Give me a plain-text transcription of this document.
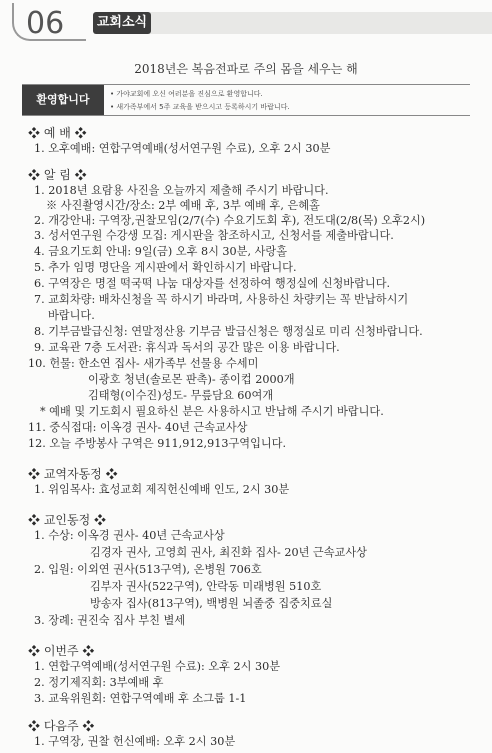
06	교회소식
2018년은 복음전파로 주의 몸을 세우는 해
환영합니다	• 가야교회에 오신 여러분을 진심으로 환영합니다.
• 새가족부에서 5주 교육을 받으시고 등록하시기 바랍니다.
❖ 예 배 ❖
1. 오후예배: 연합구역예배(성서연구원 수료), 오후 2시 30분
❖ 알 림 ❖
1. 2018년 요람용 사진을 오늘까지 제출해 주시기 바랍니다.
※ 사진촬영시간/장소: 2부 예배 후, 3부 예배 후, 은혜홀
2. 개강안내: 구역장,권찰모임(2/7(수) 수요기도회 후), 전도대(2/8(목) 오후2시)
3. 성서연구원 수강생 모집: 게시판을 참조하시고, 신청서를 제출바랍니다.
4. 금요기도회 안내: 9일(금) 오후 8시 30분, 사랑홀
5. 추가 임명 명단을 게시판에서 확인하시기 바랍니다.
6. 구역장은 명절 떡국떡 나눔 대상자를 선정하여 행정실에 신청바랍니다.
7. 교회차량: 배차신청을 꼭 하시기 바라며, 사용하신 차량키는 꼭 반납하시기
바랍니다.
8. 기부금발급신청: 연말정산용 기부금 발급신청은 행정실로 미리 신청바랍니다.
9. 교육관 7층 도서관: 휴식과 독서의 공간 많은 이용 바랍니다.
10. 헌물: 한소연 집사- 새가족부 선물용 수세미
이광호 청년(솔로몬 판촉)- 종이컵 2000개
김태형(이수진)성도- 무릎담요 60여개
* 예배 및 기도회시 필요하신 분은 사용하시고 반납해 주시기 바랍니다.
11. 중식접대: 이옥경 권사- 40년 근속교사상
12. 오늘 주방봉사 구역은 911,912,913구역입니다.
❖ 교역자동정 ❖
1. 위임목사: 효성교회 제직헌신예배 인도, 2시 30분
❖ 교인동정 ❖
1. 수상: 이옥경 권사- 40년 근속교사상
김경자 권사, 고영희 권사, 최진화 집사- 20년 근속교사상
2. 입원: 이외연 권사(513구역), 온병원 706호
김부자 권사(522구역), 안락동 미래병원 510호
방송자 집사(813구역), 백병원 뇌졸중 집중치료실
3. 장례: 권진숙 집사 부친 별세
❖ 이번주 ❖
1. 연합구역예배(성서연구원 수료): 오후 2시 30분
2. 정기제직회: 3부예배 후
3. 교육위원회: 연합구역예배 후 소그룹 1-1
❖ 다음주 ❖
1. 구역장, 권찰 헌신예배: 오후 2시 30분
